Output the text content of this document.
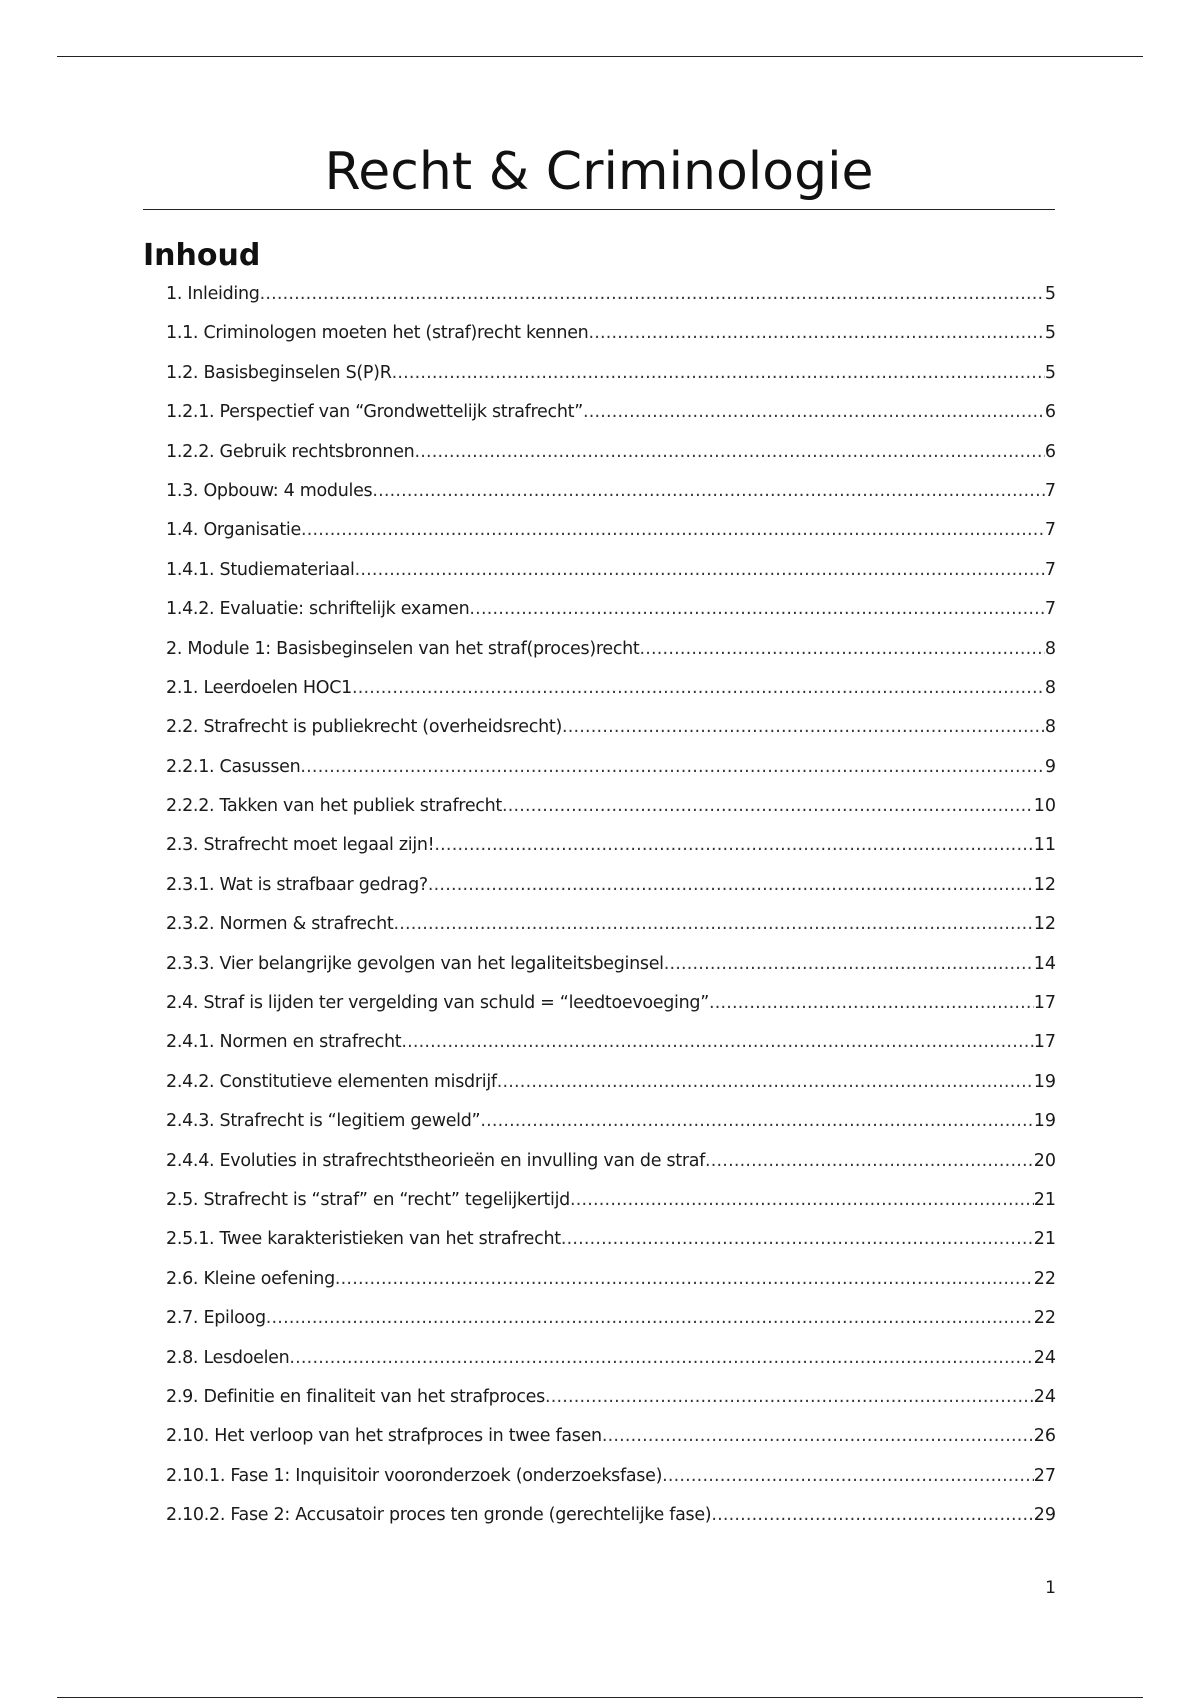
Recht & Criminologie
Inhoud
1. Inleiding .....	5
1.1. Criminologen moeten het (straf)recht kennen .....	5
1.2. Basisbeginselen S(P)R .....	5
1.2.1. Perspectief van “Grondwettelijk strafrecht” .....	6
1.2.2. Gebruik rechtsbronnen .....	6
1.3. Opbouw: 4 modules .....	7
1.4. Organisatie .....	7
1.4.1. Studiemateriaal .....	7
1.4.2. Evaluatie: schriftelijk examen .....	7
2. Module 1: Basisbeginselen van het straf(proces)recht .....	8
2.1. Leerdoelen HOC1 .....	8
2.2. Strafrecht is publiekrecht (overheidsrecht) .....	8
2.2.1. Casussen .....	9
2.2.2. Takken van het publiek strafrecht .....	10
2.3. Strafrecht moet legaal zijn! .....	11
2.3.1. Wat is strafbaar gedrag? .....	12
2.3.2. Normen & strafrecht .....	12
2.3.3. Vier belangrijke gevolgen van het legaliteitsbeginsel .....	14
2.4. Straf is lijden ter vergelding van schuld = “leedtoevoeging” .....	17
2.4.1. Normen en strafrecht .....	17
2.4.2. Constitutieve elementen misdrijf .....	19
2.4.3. Strafrecht is “legitiem geweld” .....	19
2.4.4. Evoluties in strafrechtstheorieën en invulling van de straf .....	20
2.5. Strafrecht is “straf” en “recht” tegelijkertijd .....	21
2.5.1. Twee karakteristieken van het strafrecht .....	21
2.6. Kleine oefening .....	22
2.7. Epiloog .....	22
2.8. Lesdoelen .....	24
2.9. Definitie en finaliteit van het strafproces .....	24
2.10. Het verloop van het strafproces in twee fasen .....	26
2.10.1. Fase 1: Inquisitoir vooronderzoek (onderzoeksfase) .....	27
2.10.2. Fase 2: Accusatoir proces ten gronde (gerechtelijke fase) .....	29
1
